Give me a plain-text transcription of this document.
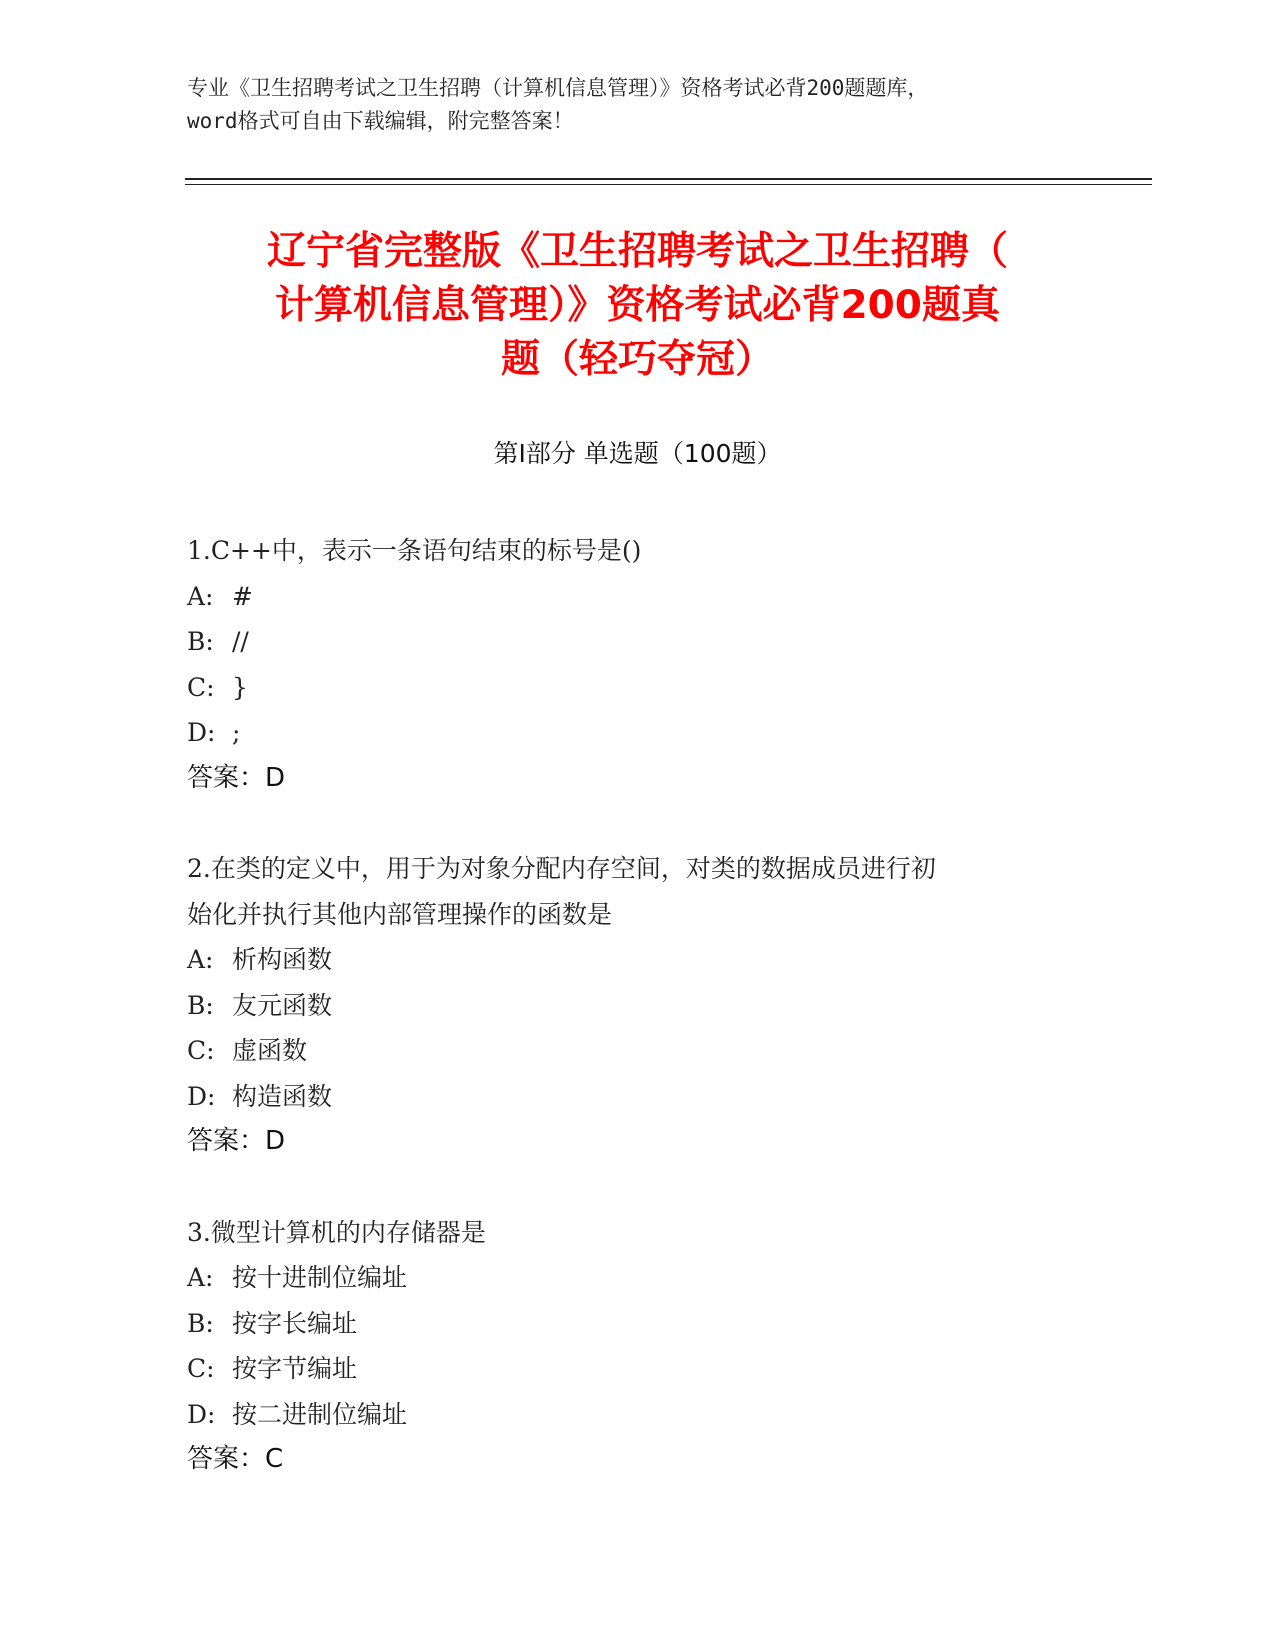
专业《卫生招聘考试之卫生招聘（计算机信息管理）》资格考试必背200题题库，
word格式可自由下载编辑，附完整答案！
辽宁省完整版《卫生招聘考试之卫生招聘（
计算机信息管理）》资格考试必背200题真
题（轻巧夺冠）
第Ⅰ部分 单选题（100题）
1.C++中，表示一条语句结束的标号是()
A: #
B: //
C: }
D: ;
答案：D
2.在类的定义中，用于为对象分配内存空间，对类的数据成员进行初
始化并执行其他内部管理操作的函数是
A: 析构函数
B: 友元函数
C: 虚函数
D: 构造函数
答案：D
3.微型计算机的内存储器是
A: 按十进制位编址
B: 按字长编址
C: 按字节编址
D: 按二进制位编址
答案：C
